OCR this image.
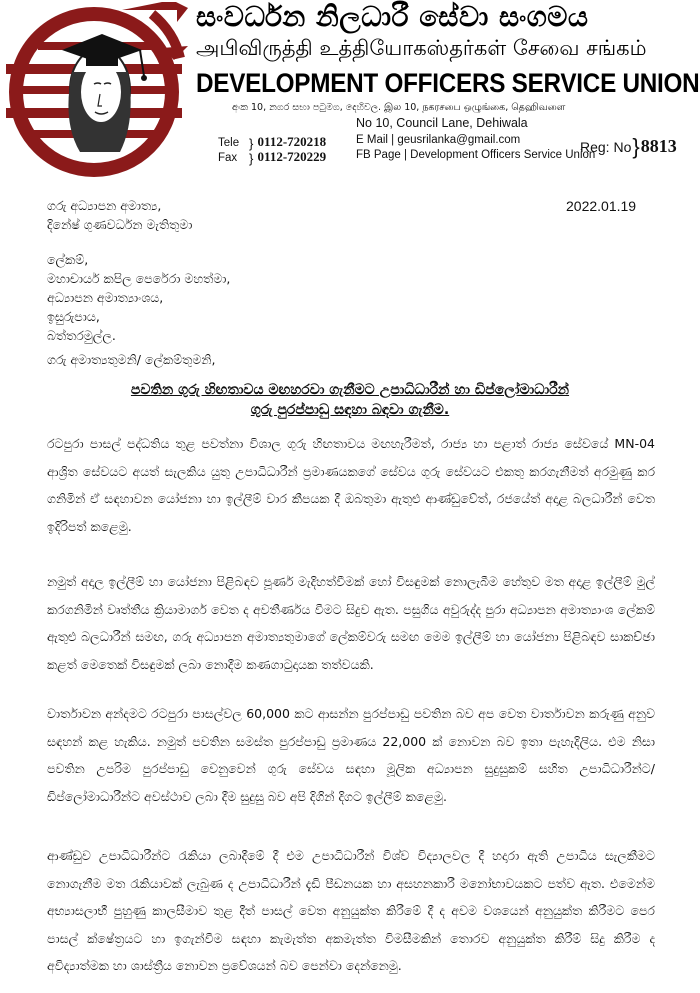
සංවර්ධන නිලධාරී සේවා සංගමය
அபிவிருத்தி உத்தியோகஸ்தர்கள் சேவை சங்கம்
DEVELOPMENT OFFICERS SERVICE UNION
අංක 10, නගර සභා පටුමග, දෙහිවල. இல 10, நகரசபை ஒழுங்கை, தெஹிவளை
No 10, Council Lane, Dehiwala
Tele } 0112-720218
Fax } 0112-720229
E Mail | geusrilanka@gmail.com
FB Page | Development Officers Service Union
Reg: No}8813
2022.01.19
ගරු අධ්‍යාපන අමාත්‍ය,
දිනේෂ් ගුණවර්ධන මැතිතුමා
ලේකම්,
මහාචාර්ය කපිල පෙරේරා මහත්මා,
අධ්‍යාපන අමාත්‍යාංශය,
ඉසුරුපාය,
බත්තරමුල්ල.
ගරු අමාත්‍යතුමනි/ ලේකම්තුමනි,
පවතින ගුරු හිඟතාවය මඟහරවා ගැනීමට උපාධිධාරීන් හා ඩිප්ලෝමාධාරීන්
ගුරු පුරප්පාඩු සඳහා බඳවා ගැනීම.
රටපුරා පාසල් පද්ධතිය තුළ පවත්නා විශාල ගුරු හිඟතාවය මඟහැරීමත්, රාජ්‍ය හා පළාත් රාජ්‍ය සේවයේ MN-04 ආශ්‍රිත සේවයට අයත් සැලකිය යුතු උපාධිධාරීන් ප්‍රමාණයකගේ සේවය ගුරු සේවයට එකතු කරගැනීමත් අරමුණු කර ගනිමින් ඒ සඳහාවන යෝජනා හා ඉල්ලීම් වාර කීපයක දී ඔබතුමා ඇතුළු ආණ්ඩුවේත්, රජයේත් අදාළ බලධාරීන් වෙත ඉදිරිපත් කළෙමු.
නමුත් අදාල ඉල්ලීම් හා යෝජනා පිළිබඳව පූර්ණ මැදිහත්වීමක් හෝ විසඳුමක් නොලැබීම හේතුව මත අදාළ ඉල්ලීම් මුල් කරගනිමින් වෘත්තීය ක්‍රියාමාර්ග වෙත ද අවතීර්ණය වීමට සිදුව ඇත. පසුගිය අවුරුද්ද පුරා අධ්‍යාපන අමාත්‍යාංශ ලේකම් ඇතුළු බලධාරීන් සමඟ, ගරු අධ්‍යාපන අමාත්‍යතුමාගේ ලේකම්වරු සමඟ මෙම ඉල්ලීම් හා යෝජනා පිළිබඳව සාකච්ඡා කළත් මෙතෙක් විසඳුමක් ලබා නොදීම කණගාටුදායක තත්වයකි.
වාර්තාවන අන්දමට රටපුරා පාසල්වල 60,000 කට ආසන්න පුරප්පාඩු පවතින බව අප වෙත වාර්තාවන කරුණු අනුව සඳහන් කළ හැකිය. නමුත් පවතින සමස්ත පුරප්පාඩු ප්‍රමාණය 22,000 ක් නොවන බව ඉතා පැහැදිලිය. එම නිසා පවතින උපරිම පුරප්පාඩු වෙනුවෙන් ගුරු සේවය සඳහා මූලික අධ්‍යාපන සුදුසුකම් සහිත උපාධිධාරීන්ට/ ඩිප්ලෝමාධාරීන්ට අවස්ථාව ලබා දීම සුදුසු බව අපි දිගින් දිගට ඉල්ලීම් කළෙමු.
ආණ්ඩුව උපාධිධාරීන්ට රැකියා ලබාදීමේ දී එම උපාධිධාරීන් විශ්ව විද්‍යාලවල දී හදාරා ඇති උපාධිය සැලකීමට නොගැනීම මත රැකියාවක් ලැබුණ ද උපාධිධාරීන් දැඩි පීඩනයක හා අසහනකාරී මනෝභාවයකට පත්ව ඇත. එමෙන්ම අභ්‍යාසලාභී පුහුණු කාලසීමාව තුළ දීත් පාසල් වෙත අනුයුක්ත කිරීමේ දී ද අවම වශයෙන් අනුයුක්ත කිරීමට පෙර පාසල් ක්ෂේත්‍රයට හා ඉගැන්වීම සඳහා කැමැත්ත අකමැත්ත විමසීමකින් තොරව අනුයුක්ත කිරීම් සිදු කිරීම ද අවිද්‍යාත්මක හා ශාස්ත්‍රීය නොවන ප්‍රවේශයන් බව පෙන්වා දෙන්නෙමු.
